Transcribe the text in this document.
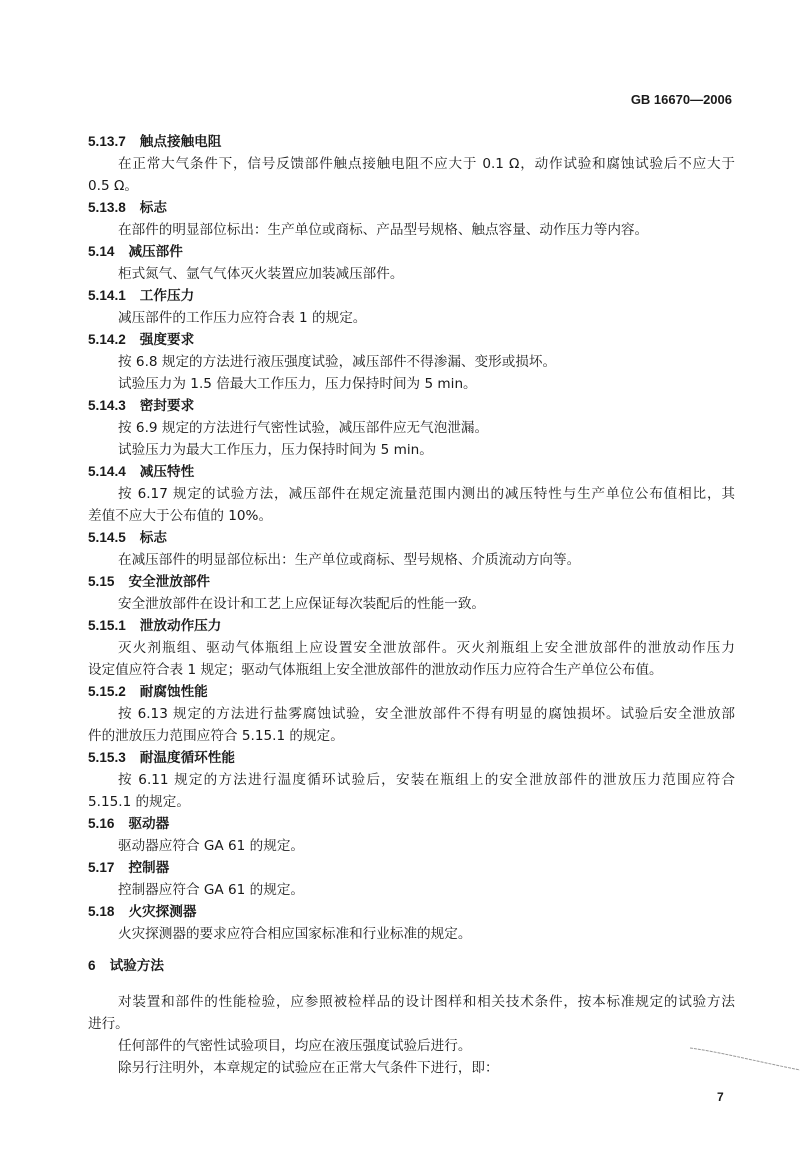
GB 16670—2006
5.13.7 触点接触电阻
在正常大气条件下，信号反馈部件触点接触电阻不应大于 0.1 Ω，动作试验和腐蚀试验后不应大于
0.5 Ω。
5.13.8 标志
在部件的明显部位标出：生产单位或商标、产品型号规格、触点容量、动作压力等内容。
5.14 减压部件
柜式氮气、氩气气体灭火装置应加装减压部件。
5.14.1 工作压力
减压部件的工作压力应符合表 1 的规定。
5.14.2 强度要求
按 6.8 规定的方法进行液压强度试验，减压部件不得渗漏、变形或损坏。
试验压力为 1.5 倍最大工作压力，压力保持时间为 5 min。
5.14.3 密封要求
按 6.9 规定的方法进行气密性试验，减压部件应无气泡泄漏。
试验压力为最大工作压力，压力保持时间为 5 min。
5.14.4 减压特性
按 6.17 规定的试验方法，减压部件在规定流量范围内测出的减压特性与生产单位公布值相比，其
差值不应大于公布值的 10%。
5.14.5 标志
在减压部件的明显部位标出：生产单位或商标、型号规格、介质流动方向等。
5.15 安全泄放部件
安全泄放部件在设计和工艺上应保证每次装配后的性能一致。
5.15.1 泄放动作压力
灭火剂瓶组、驱动气体瓶组上应设置安全泄放部件。灭火剂瓶组上安全泄放部件的泄放动作压力
设定值应符合表 1 规定；驱动气体瓶组上安全泄放部件的泄放动作压力应符合生产单位公布值。
5.15.2 耐腐蚀性能
按 6.13 规定的方法进行盐雾腐蚀试验，安全泄放部件不得有明显的腐蚀损坏。试验后安全泄放部
件的泄放压力范围应符合 5.15.1 的规定。
5.15.3 耐温度循环性能
按 6.11 规定的方法进行温度循环试验后，安装在瓶组上的安全泄放部件的泄放压力范围应符合
5.15.1 的规定。
5.16 驱动器
驱动器应符合 GA 61 的规定。
5.17 控制器
控制器应符合 GA 61 的规定。
5.18 火灾探测器
火灾探测器的要求应符合相应国家标准和行业标准的规定。
6 试验方法
对装置和部件的性能检验，应参照被检样品的设计图样和相关技术条件，按本标准规定的试验方法
进行。
任何部件的气密性试验项目，均应在液压强度试验后进行。
除另行注明外，本章规定的试验应在正常大气条件下进行，即：
7
